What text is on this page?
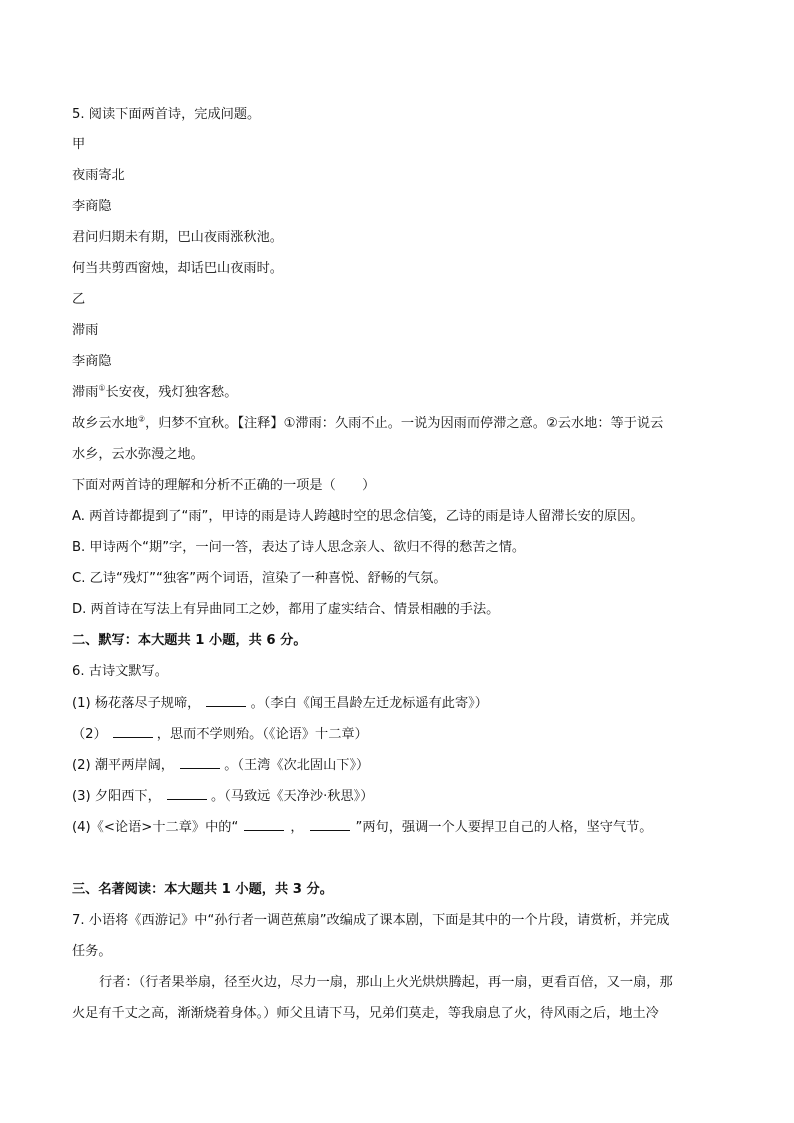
5. 阅读下面两首诗，完成问题。

甲

夜雨寄北

李商隐

君问归期未有期，巴山夜雨涨秋池。

何当共剪西窗烛，却话巴山夜雨时。

乙

滞雨

李商隐

滞雨①长安夜，残灯独客愁。

故乡云水地②，归梦不宜秋。【注释】①滞雨：久雨不止。一说为因雨而停滞之意。②云水地：等于说云

水乡，云水弥漫之地。

下面对两首诗的理解和分析不正确的一项是（　　）

A. 两首诗都提到了“雨”，甲诗的雨是诗人跨越时空的思念信笺，乙诗的雨是诗人留滞长安的原因。

B. 甲诗两个“期”字，一问一答，表达了诗人思念亲人、欲归不得的愁苦之情。

C. 乙诗“残灯”“独客”两个词语，渲染了一种喜悦、舒畅的气氛。

D. 两首诗在写法上有异曲同工之妙，都用了虚实结合、情景相融的手法。

二、默写：本大题共 1 小题，共 6 分。

6. 古诗文默写。

(1) 杨花落尽子规啼，	。（李白《闻王昌龄左迁龙标遥有此寄》）

（2）	，思而不学则殆。（《论语》十二章）

(2) 潮平两岸阔，	。（王湾《次北固山下》）

(3) 夕阳西下，	。（马致远《天净沙·秋思》）

(4)《<论语>十二章》中的“	，	”两句，强调一个人要捍卫自己的人格，坚守气节。

三、名著阅读：本大题共 1 小题，共 3 分。

7. 小语将《西游记》中“孙行者一调芭蕉扇”改编成了课本剧，下面是其中的一个片段，请赏析，并完成

任务。

行者：（行者果举扇，径至火边，尽力一扇，那山上火光烘烘腾起，再一扇，更看百倍，又一扇，那

火足有千丈之高，渐渐烧着身体。）师父且请下马，兄弟们莫走，等我扇息了火，待风雨之后，地土冷
